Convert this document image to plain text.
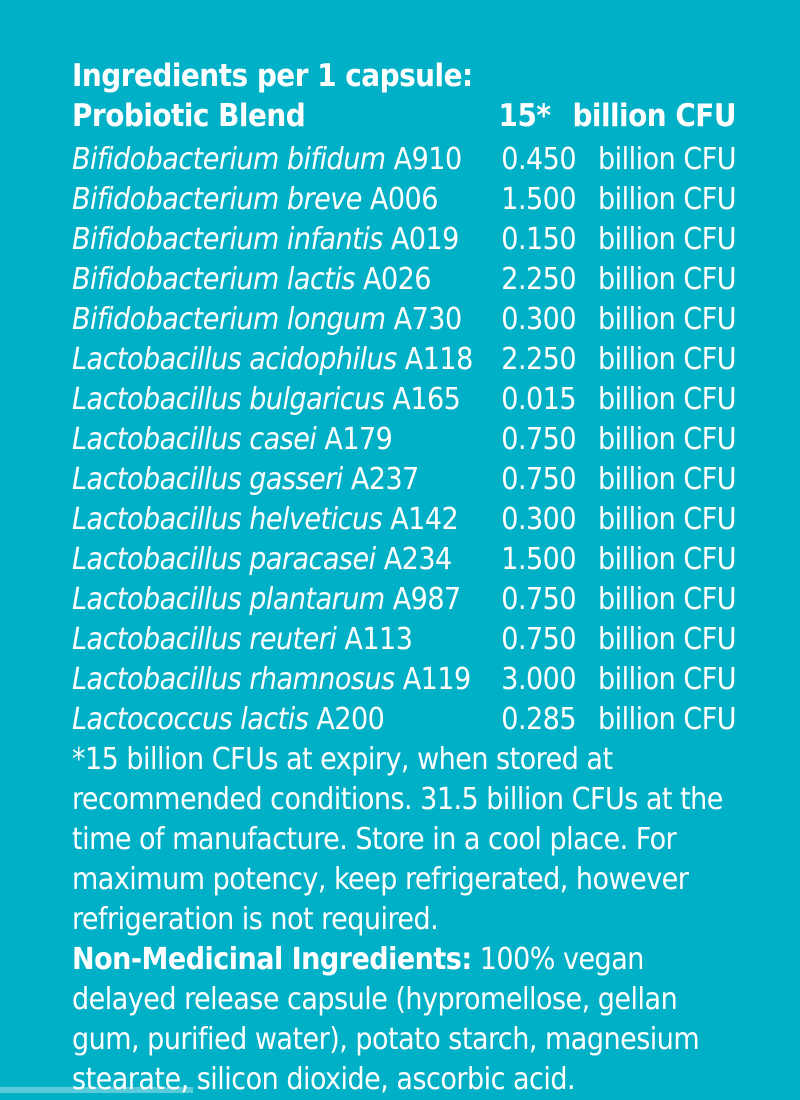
Ingredients per 1 capsule:
Probiotic Blend	15* billion CFU
Bifidobacterium bifidum A910	0.450 billion CFU
Bifidobacterium breve A006	1.500 billion CFU
Bifidobacterium infantis A019	0.150 billion CFU
Bifidobacterium lactis A026	2.250 billion CFU
Bifidobacterium longum A730	0.300 billion CFU
Lactobacillus acidophilus A118 2.250 billion CFU
Lactobacillus bulgaricus A165	0.015 billion CFU
Lactobacillus casei A179	0.750 billion CFU
Lactobacillus gasseri A237	0.750 billion CFU
Lactobacillus helveticus A142	0.300 billion CFU
Lactobacillus paracasei A234	1.500 billion CFU
Lactobacillus plantarum A987	0.750 billion CFU
Lactobacillus reuteri A113	0.750 billion CFU
Lactobacillus rhamnosus A119	3.000 billion CFU
Lactococcus lactis A200	0.285 billion CFU

*15 billion CFUs at expiry, when stored at recommended conditions. 31.5 billion CFUs at the time of manufacture. Store in a cool place. For maximum potency, keep refrigerated, however refrigeration is not required.

Non-Medicinal Ingredients: 100% vegan delayed release capsule (hypromellose, gellan gum, purified water), potato starch, magnesium stearate, silicon dioxide, ascorbic acid.
